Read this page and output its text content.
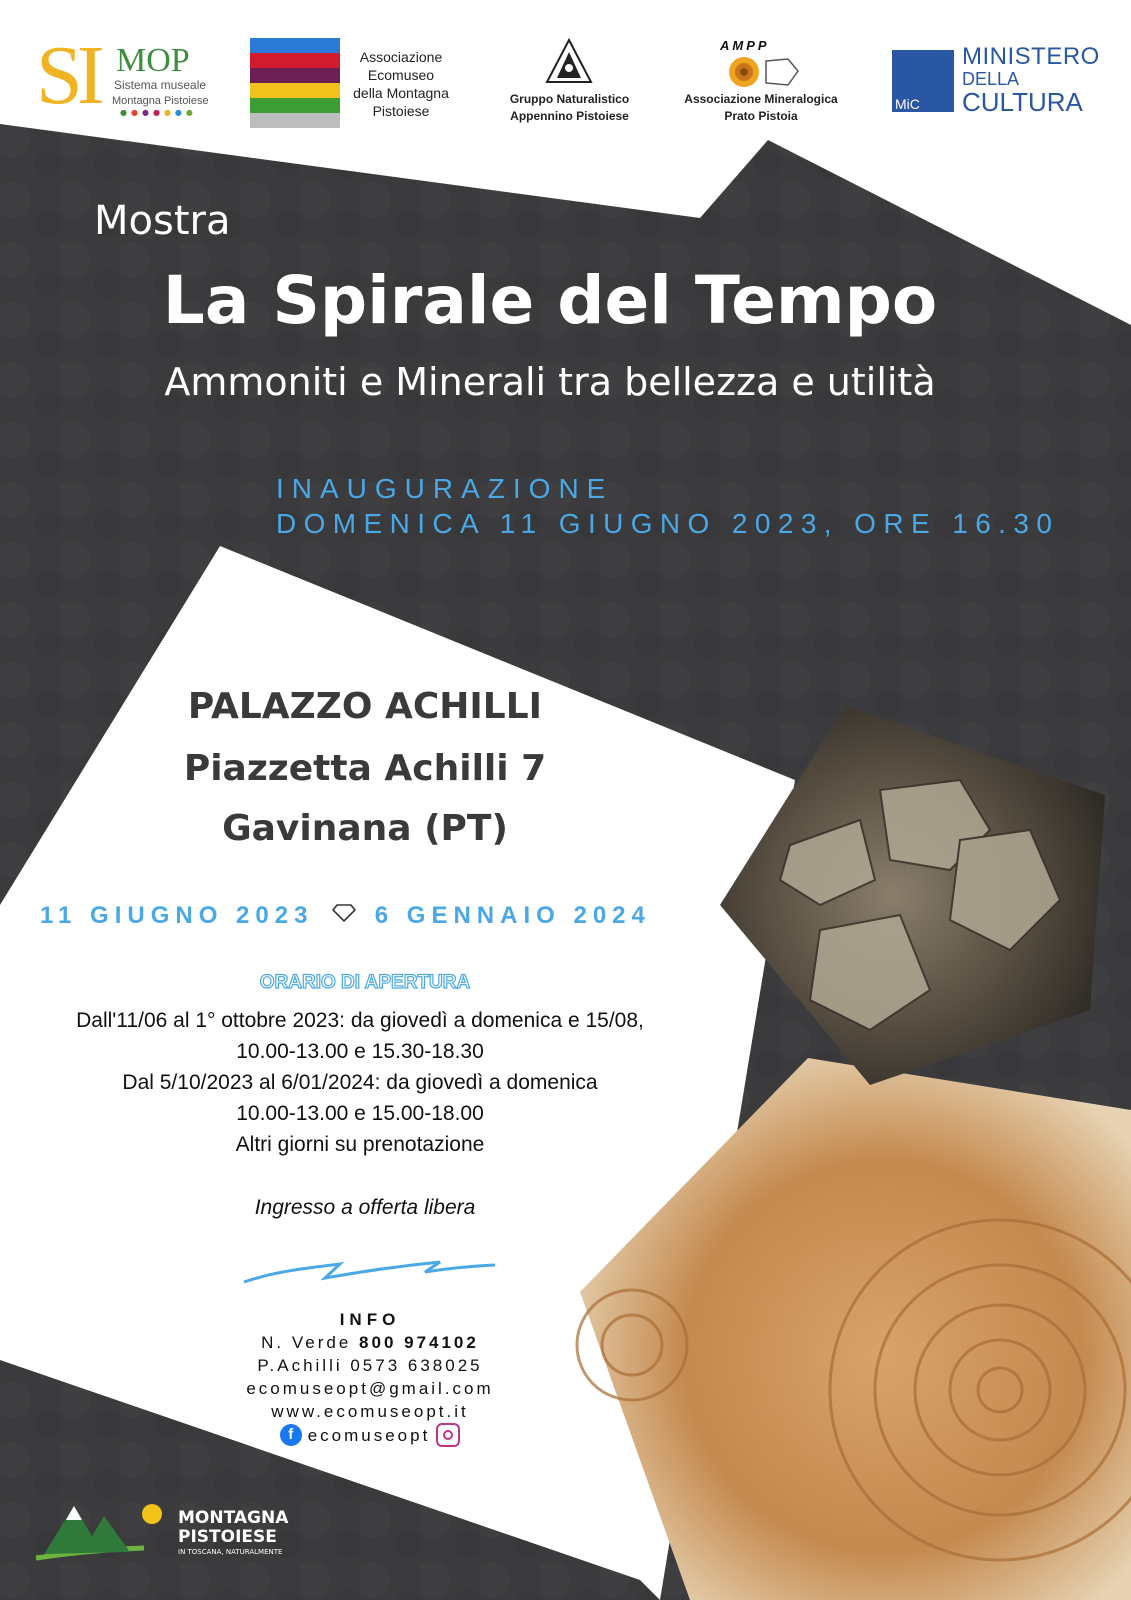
SI MOP
Sistema museale
Montagna Pistoiese
●●●●●●●
Associazione
Ecomuseo
della Montagna
Pistoiese
Gruppo Naturalistico
Appennino Pistoiese
AMPP
Associazione Mineralogica
Prato Pistoia
MiC
MINISTERO
DELLA
CULTURA
Mostra
La Spirale del Tempo
Ammoniti e Minerali tra bellezza e utilità
INAUGURAZIONE
DOMENICA 11 GIUGNO 2023, ORE 16.30
PALAZZO ACHILLI
Piazzetta Achilli 7
Gavinana (PT)
11 GIUGNO 2023	6 GENNAIO 2024
ORARIO DI APERTURA
Dall'11/06 al 1° ottobre 2023: da giovedì a domenica e 15/08,
10.00-13.00 e 15.30-18.30
Dal 5/10/2023 al 6/01/2024: da giovedì a domenica
10.00-13.00 e 15.00-18.00
Altri giorni su prenotazione
Ingresso a offerta libera
INFO
N. Verde 800 974102
P.Achilli 0573 638025
ecomuseopt@gmail.com
www.ecomuseopt.it
f ecomuseopt
MONTAGNA
PISTOIESE
IN TOSCANA, NATURALMENTE
